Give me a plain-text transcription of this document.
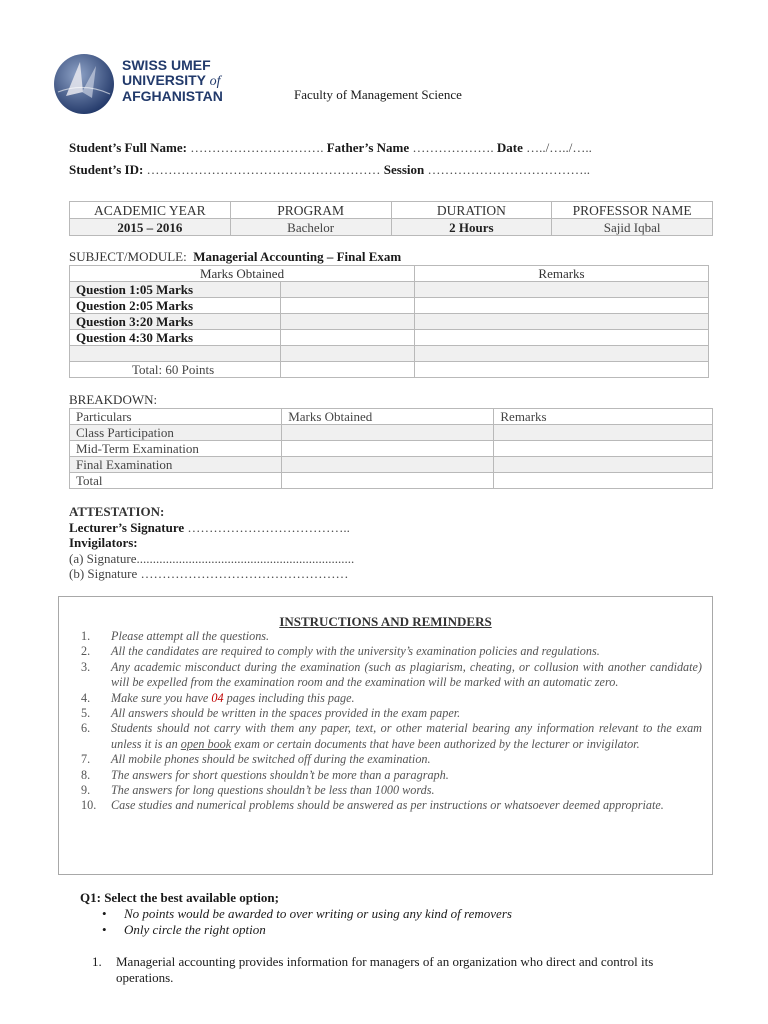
SWISS UMEF
UNIVERSITY of
AFGHANISTAN	Faculty of Management Science
Student’s Full Name: …………………………. Father’s Name ………………. Date …../…../…..
Student’s ID: ……………………………………………… Session ………………………………..
ACADEMIC YEAR	PROGRAM	DURATION	PROFESSOR NAME
2015 – 2016	Bachelor	2 Hours	Sajid Iqbal
SUBJECT/MODULE: Managerial Accounting – Final Exam
Marks Obtained		Remarks
Question 1:05 Marks		
Question 2:05 Marks		
Question 3:20 Marks		
Question 4:30 Marks		

Total: 60 Points		
BREAKDOWN:
Particulars	Marks Obtained	Remarks
Class Participation		
Mid-Term Examination		
Final Examination		
Total		
ATTESTATION:
Lecturer’s Signature ………………………………..
Invigilators:
(a) Signature...................................................................
(b) Signature …………………………………………
INSTRUCTIONS AND REMINDERS
1.	Please attempt all the questions.
2.	All the candidates are required to comply with the university’s examination policies and regulations.
3.	Any academic misconduct during the examination (such as plagiarism, cheating, or collusion with another candidate) will be expelled from the examination room and the examination will be marked with an automatic zero.
4.	Make sure you have 04 pages including this page.
5.	All answers should be written in the spaces provided in the exam paper.
6.	Students should not carry with them any paper, text, or other material bearing any information relevant to the exam unless it is an open book exam or certain documents that have been authorized by the lecturer or invigilator.
7.	All mobile phones should be switched off during the examination.
8.	The answers for short questions shouldn’t be more than a paragraph.
9.	The answers for long questions shouldn’t be less than 1000 words.
10.	Case studies and numerical problems should be answered as per instructions or whatsoever deemed appropriate.
Q1: Select the best available option;
• No points would be awarded to over writing or using any kind of removers
• Only circle the right option
1.	Managerial accounting provides information for managers of an organization who direct and control its operations.
